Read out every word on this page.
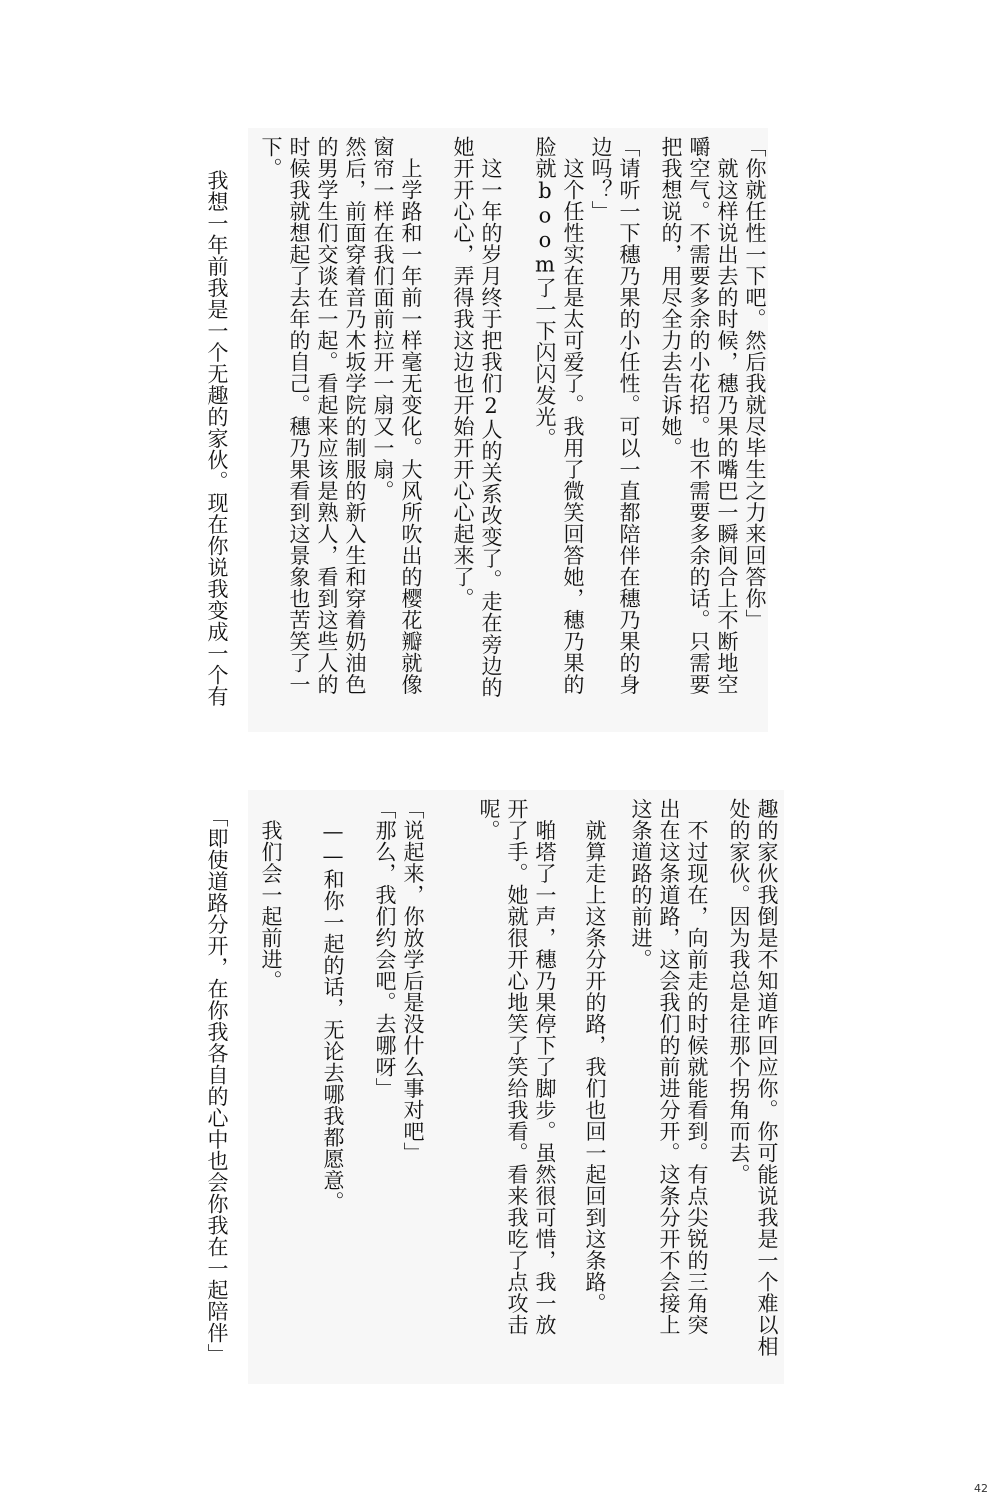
「你就任性一下吧。然后我就尽毕生之力来回答你」
　就这样说出去的时候，穗乃果的嘴巴一瞬间合上不断地空
嚼空气。不需要多余的小花招。也不需要多余的话。只需要
把我想说的，用尽全力去告诉她。
「请听一下穗乃果的小任性。可以一直都陪伴在穗乃果的身
边吗？」
　这个任性实在是太可爱了。我用了微笑回答她，穗乃果的
脸就boom了一下闪闪发光。
　这一年的岁月终于把我们2人的关系改变了。走在旁边的
她开开心心，弄得我这边也开始开开心心起来了。
　上学路和一年前一样毫无变化。大风所吹出的樱花瓣就像
窗帘一样在我们面前拉开一扇又一扇。
然后，前面穿着音乃木坂学院的制服的新入生和穿着奶油色
的男学生们交谈在一起。看起来应该是熟人，看到这些人的
时候我就想起了去年的自己。穗乃果看到这景象也苦笑了一
下。
　我想一年前我是一个无趣的家伙。现在你说我变成一个有
趣的家伙我倒是不知道咋回应你。你可能说我是一个难以相
处的家伙。因为我总是往那个拐角而去。
　不过现在，向前走的时候就能看到。有点尖锐的三角突
出在这条道路，这会我们的前进分开。这条分开不会接上
这条道路的前进。
　就算走上这条分开的路，我们也回一起回到这条路。
　啪塔了一声，穗乃果停下了脚步。虽然很可惜，我一放
开了手。她就很开心地笑了笑给我看。看来我吃了点攻击
呢。
「说起来，你放学后是没什么事对吧」
「那么，我们约会吧。去哪呀」
　——和你一起的话，无论去哪我都愿意。
　我们会一起前进。
「即使道路分开，在你我各自的心中也会你我在一起陪伴」
42
